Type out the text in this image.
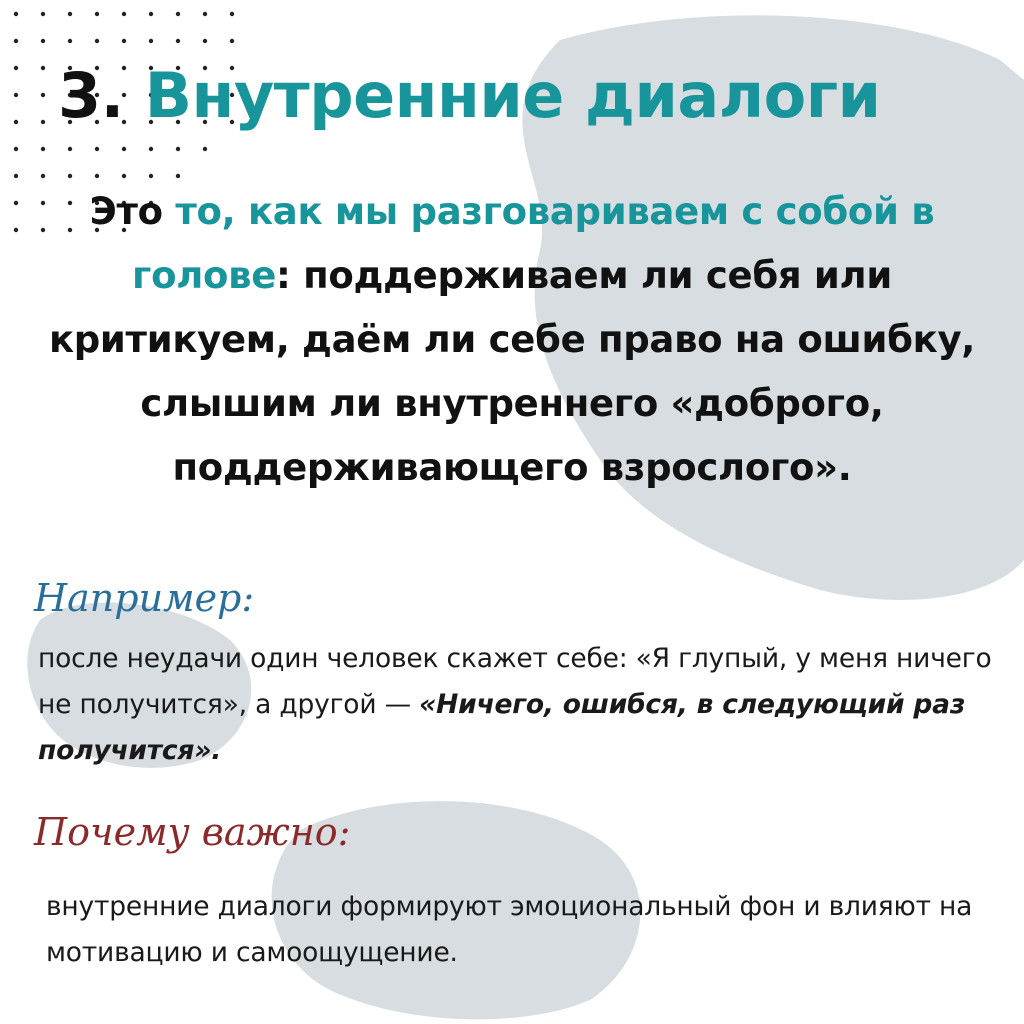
3. Внутренние диалоги
Это то, как мы разговариваем с собой в голове: поддерживаем ли себя или критикуем, даём ли себе право на ошибку, слышим ли внутреннего «доброго, поддерживающего взрослого».
Например:
после неудачи один человек скажет себе: «Я глупый, у меня ничего не получится», а другой — «Ничего, ошибся, в следующий раз получится».
Почему важно:
внутренние диалоги формируют эмоциональный фон и влияют на мотивацию и самоощущение.
